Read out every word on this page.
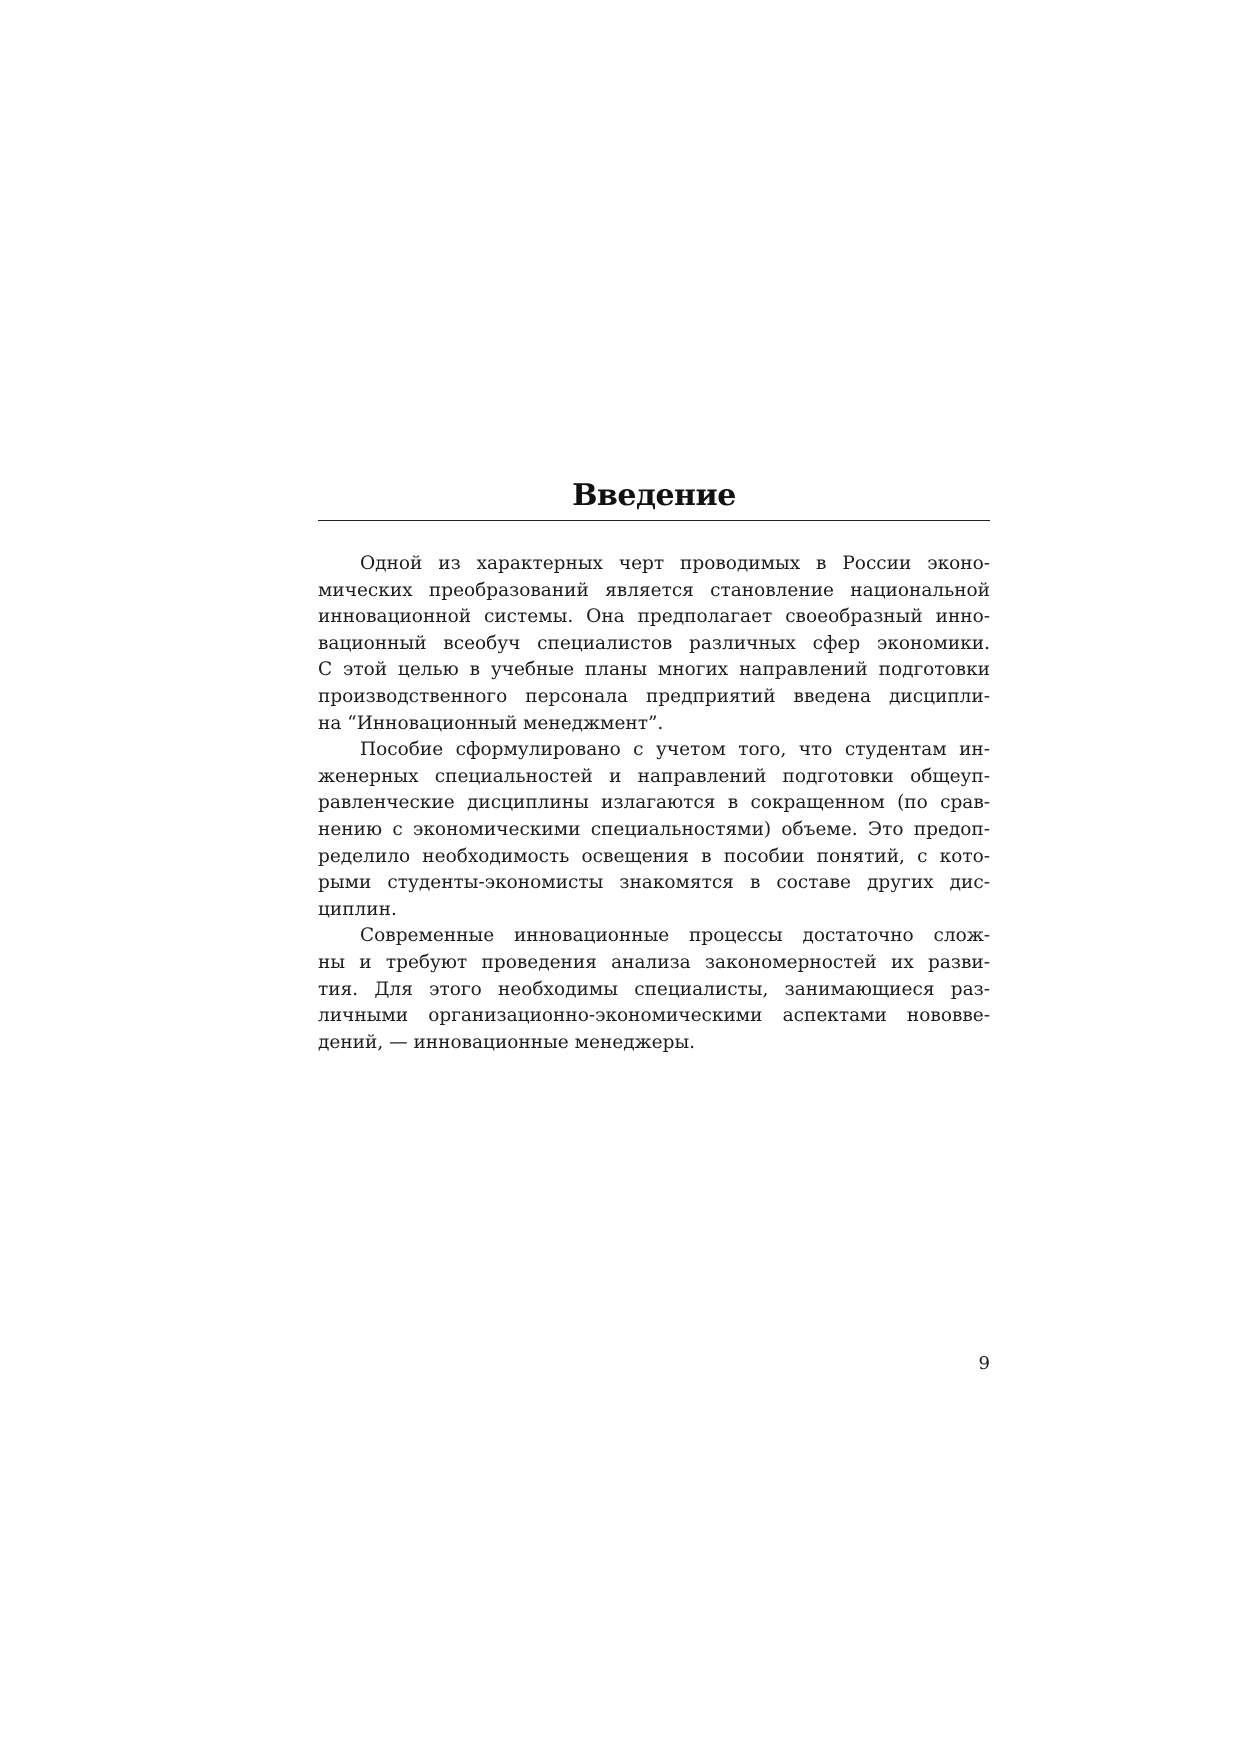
Введение

Одной из характерных черт проводимых в России эконо-
мических преобразований является становление национальной
инновационной системы. Она предполагает своеобразный инно-
вационный всеобуч специалистов различных сфер экономики.
С этой целью в учебные планы многих направлений подготовки
производственного персонала предприятий введена дисципли-
на “Инновационный менеджмент”.

Пособие сформулировано с учетом того, что студентам ин-
женерных специальностей и направлений подготовки общеуп-
равленческие дисциплины излагаются в сокращенном (по срав-
нению с экономическими специальностями) объеме. Это предоп-
ределило необходимость освещения в пособии понятий, с кото-
рыми студенты-экономисты знакомятся в составе других дис-
циплин.

Современные инновационные процессы достаточно слож-
ны и требуют проведения анализа закономерностей их разви-
тия. Для этого необходимы специалисты, занимающиеся раз-
личными организационно-экономическими аспектами нововве-
дений, — инновационные менеджеры.

9
